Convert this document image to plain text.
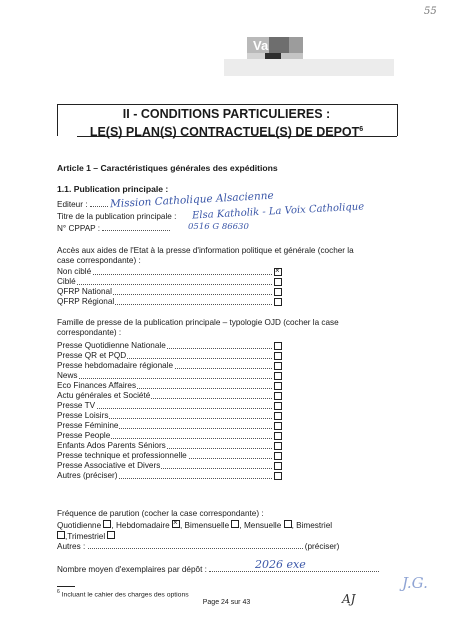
55
Va
II - CONDITIONS PARTICULIERES :
LE(S) PLAN(S) CONTRACTUEL(S) DE DEPOT$^6$
Article 1 – Caractéristiques générales des expéditions
1.1. Publication principale :
Editeur :	Mission Catholique Alsacienne
Titre de la publication principale : Elsa Katholik - La Voix Catholique
N° CPPAP :	0516 G 86630
Accès aux aides de l'Etat à la presse d'information politique et générale (cocher la
case correspondante) :
Non ciblé
×
Ciblé
QFRP National
QFRP Régional
Famille de presse de la publication principale – typologie OJD (cocher la case
correspondante) :
Presse Quotidienne Nationale
Presse QR et PQD
Presse hebdomadaire régionale
News
Eco Finances Affaires
Actu générales et Société
Presse TV
Presse Loisirs
Presse Féminine
Presse People
Enfants Ados Parents Séniors
Presse technique et professionnelle
Presse Associative et Divers
Autres (préciser)
Fréquence de parution (cocher la case correspondante) :
Quotidienne , Hebdomadaire × , Bimensuelle , Mensuelle , Bimestriel
,Trimestriel
Autres :	(préciser)
Nombre moyen d'exemplaires par dépôt :	2026 exe
$^6$ Incluant le cahier des charges des options
Page 24 sur 43	AJ
J.G.
